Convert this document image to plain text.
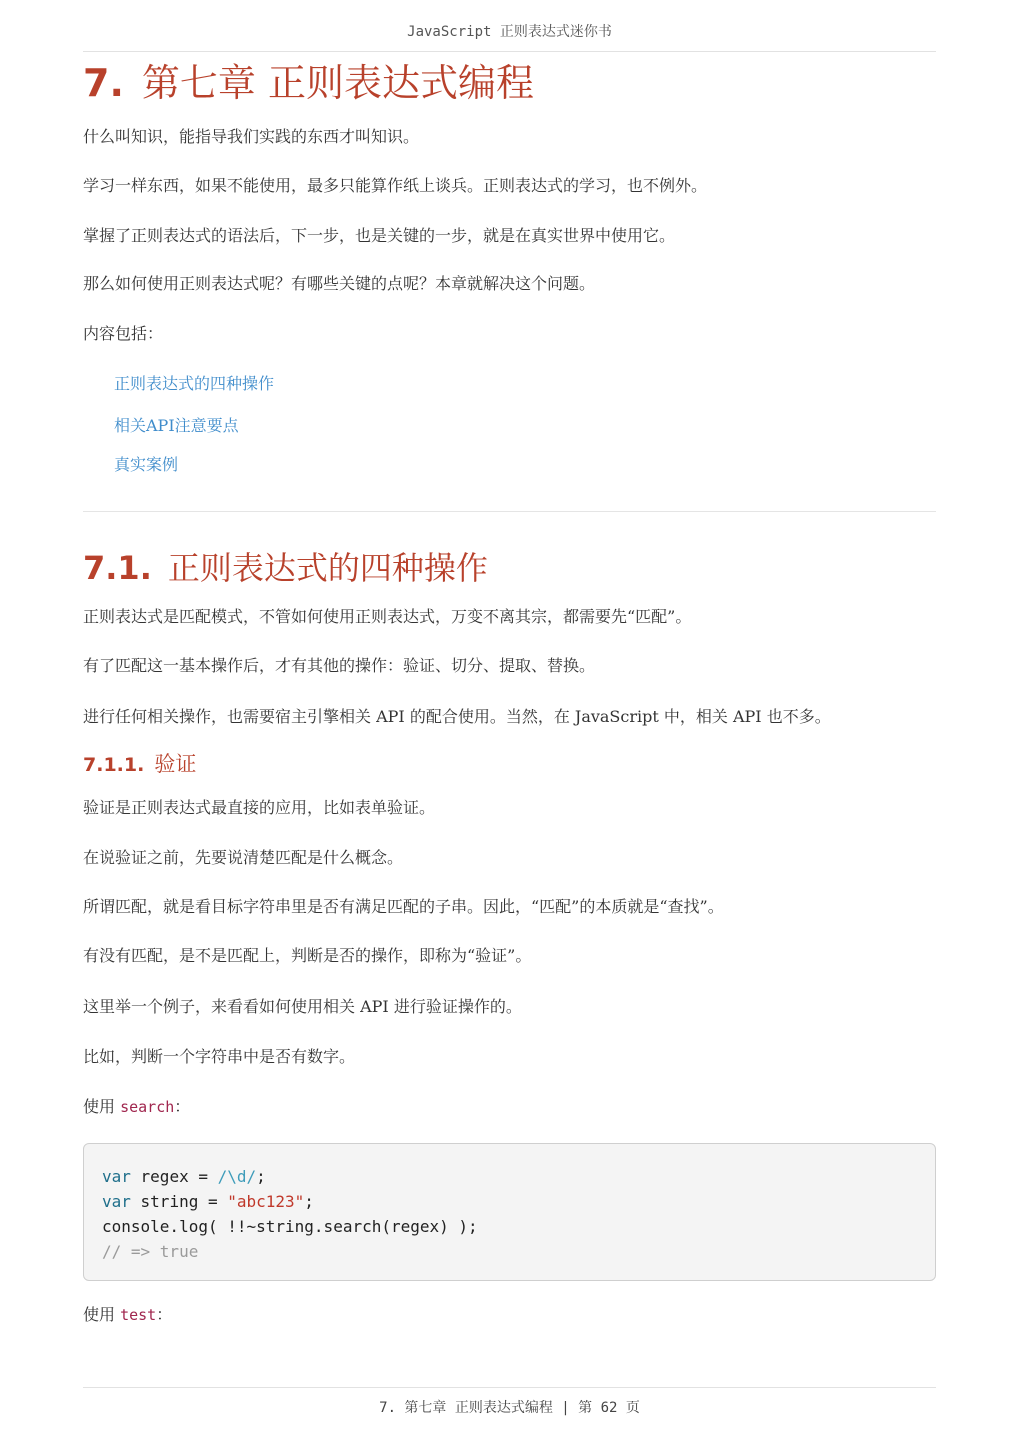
JavaScript 正则表达式迷你书
7. 第七章 正则表达式编程

什么叫知识，能指导我们实践的东西才叫知识。

学习一样东西，如果不能使用，最多只能算作纸上谈兵。正则表达式的学习，也不例外。

掌握了正则表达式的语法后，下一步，也是关键的一步，就是在真实世界中使用它。

那么如何使用正则表达式呢？有哪些关键的点呢？本章就解决这个问题。

内容包括：

正则表达式的四种操作
相关API注意要点
真实案例
7.1. 正则表达式的四种操作

正则表达式是匹配模式，不管如何使用正则表达式，万变不离其宗，都需要先“匹配”。

有了匹配这一基本操作后，才有其他的操作：验证、切分、提取、替换。

进行任何相关操作，也需要宿主引擎相关 API 的配合使用。当然，在 JavaScript 中，相关 API 也不多。

7.1.1. 验证

验证是正则表达式最直接的应用，比如表单验证。

在说验证之前，先要说清楚匹配是什么概念。

所谓匹配，就是看目标字符串里是否有满足匹配的子串。因此，“匹配”的本质就是“查找”。

有没有匹配，是不是匹配上，判断是否的操作，即称为“验证”。

这里举一个例子，来看看如何使用相关 API 进行验证操作的。

比如，判断一个字符串中是否有数字。

使用 search：

var regex = /\d/;
var string = "abc123";
console.log( !!~string.search(regex) );
// => true

使用 test：

7. 第七章 正则表达式编程 | 第 62 页
